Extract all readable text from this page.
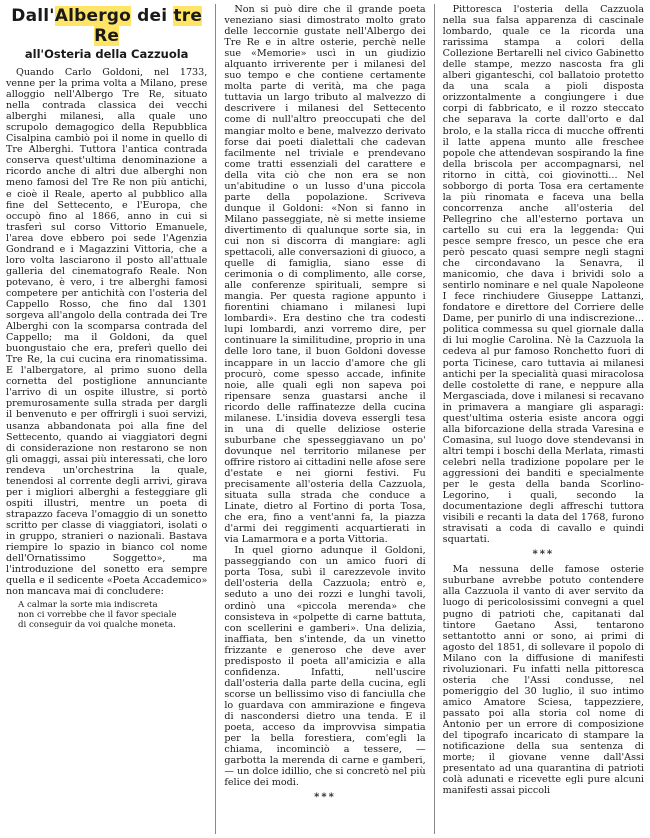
Dall'Albergo dei tre Re
all'Osteria della Cazzuola

Quando Carlo Goldoni, nel 1733, venne per la prima volta a Milano, prese alloggio nell'Albergo Tre Re, situato nella contrada classica dei vecchi alberghi milanesi, alla quale uno scrupolo demagogico della Repubblica Cisalpina cambiò poi il nome in quello di Tre Alberghi. Tuttora l'antica contrada conserva quest'ultima denominazione a ricordo anche di altri due alberghi non meno famosi del Tre Re non più antichi, e cioè il Reale, aperto al pubblico alla fine del Settecento, e l'Europa, che occupò fino al 1866, anno in cui si trasferì sul corso Vittorio Emanuele, l'area dove ebbero poi sede l'Agenzia Gondrand e i Magazzini Vittoria, che a loro volta lasciarono il posto all'attuale galleria del cinematografo Reale. Non potevano, è vero, i tre alberghi famosi competere per antichità con l'osteria del Cappello Rosso, che fino dal 1301 sorgeva all'angolo della contrada dei Tre Alberghi con la scomparsa contrada del Cappello; ma il Goldoni, da quel buongustaio che era, preferì quello dei Tre Re, la cui cucina era rinomatissima. E l'albergatore, al primo suono della cornetta del postiglione annunciante l'arrivo di un ospite illustre, si portò premurosamente sulla strada per dargli il benvenuto e per offrirgli i suoi servizi, usanza abbandonata poi alla fine del Settecento, quando ai viaggiatori degni di considerazione non restarono se non gli omaggi, assai più interessati, che loro rendeva un'orchestrina la quale, tenendosi al corrente degli arrivi, girava per i migliori alberghi a festeggiare gli ospiti illustri, mentre un poeta di strapazzo faceva l'omaggio di un sonetto scritto per classe di viaggiatori, isolati o in gruppo, stranieri o nazionali. Bastava riempire lo spazio in bianco col nome dell'Ornatissimo Soggetto», ma l'introduzione del sonetto era sempre quella e il sedicente «Poeta Accademico» non mancava mai di concludere:

A calmar la sorte mia indiscreta
non ci vorrebbe che il favor speciale
di conseguir da voi qualche moneta.

Non si può dire che il grande poeta veneziano siasi dimostrato molto grato delle leccornie gustate nell'Albergo dei Tre Re e in altre osterie, perchè nelle sue «Memorie» uscì in un giudizio alquanto irriverente per i milanesi del suo tempo e che contiene certamente molta parte di verità, ma che paga tuttavia un largo tributo al malvezzo di descrivere i milanesi del Settecento come di null'altro preoccupati che del mangiar molto e bene, malvezzo derivato forse dai poeti dialettali che cadevan facilmente nel triviale e prendevano come tratti essenziali del carattere e della vita ciò che non era se non un'abitudine o un lusso d'una piccola parte della popolazione. Scriveva dunque il Goldoni: «Non si fanno in Milano passeggiate, nè si mette insieme divertimento di qualunque sorte sia, in cui non si discorra di mangiare: agli spettacoli, alle conversazioni di giuoco, a quelle di famiglia, siano esse di cerimonia o di complimento, alle corse, alle conferenze spirituali, sempre si mangia. Per questa ragione appunto i fiorentini chiamano i milanesi lupi lombardi». Era destino che tra codesti lupi lombardi, anzi vorremo dire, per continuare la similitudine, proprio in una delle loro tane, il buon Goldoni dovesse incappare in un laccio d'amore che gli procurò, come spesso accade, infinite noie, alle quali egli non sapeva poi ripensare senza guastarsi anche il ricordo delle raffinatezze della cucina milanese. L'insidia doveva essergli tesa in una di quelle deliziose osterie suburbane che spesseggiavano un po' dovunque nel territorio milanese per offrire ristoro ai cittadini nelle afose sere d'estate e nei giorni festivi. Fu precisamente all'osteria della Cazzuola, situata sulla strada che conduce a Linate, dietro al Fortino di porta Tosa, che era, fino a vent'anni fa, la piazza d'armi dei reggimenti acquartierati in via Lamarmora e a porta Vittoria.

In quel giorno adunque il Goldoni, passeggiando con un amico fuori di porta Tosa, subì il carezzevole invito dell'osteria della Cazzuola; entrò e, seduto a uno dei rozzi e lunghi tavoli, ordinò una «piccola merenda» che consisteva in «polpette di carne battuta, con scellerini e gamberi». Una delizia, inaffiata, ben s'intende, da un vinetto frizzante e generoso che deve aver predisposto il poeta all'amicizia e alla confidenza. Infatti, nell'uscire dall'osteria dalla parte della cucina, egli scorse un bellissimo viso di fanciulla che lo guardava con ammirazione e fingeva di nascondersi dietro una tenda. E il poeta, acceso da improvvisa simpatia per la bella forestiera, com'egli la chiama, incominciò a tessere, — garbotta la merenda di carne e gamberi, — un dolce idillio, che si concretò nel più felice dei modi.

***

Pittoresca l'osteria della Cazzuola nella sua falsa apparenza di cascinale lombardo, quale ce la ricorda una rarissima stampa a colori della Collezione Bertarelli nel civico Gabinetto delle stampe, mezzo nascosta fra gli alberi giganteschi, col ballatoio protetto da una scala a pioli disposta orizzontalmente a congiungere i due corpi di fabbricato, e il rozzo steccato che separava la corte dall'orto e dal brolo, e la stalla ricca di mucche offrenti il latte appena munto alle freschee popole che attendevan sospirando la fine della briscola per accompagnarsi, nel ritorno in città, coi giovinotti... Nel sobborgo di porta Tosa era certamente la più rinomata e faceva una bella concorrenza anche all'osteria del Pellegrino che all'esterno portava un cartello su cui era la leggenda: Qui pesce sempre fresco, un pesce che era però pescato quasi sempre negli stagni che circondavano la Senavra, il manicomio, che dava i brividi solo a sentirlo nominare e nel quale Napoleone I fece rinchiudere Giuseppe Lattanzi, fondatore e direttore del Corriere delle Dame, per punirlo di una indiscrezione... politica commessa su quel giornale dalla di lui moglie Carolina. Nè la Cazzuola la cedeva al pur famoso Ronchetto fuori di porta Ticinese, caro tuttavia ai milanesi antichi per la specialità quasi miracolosa delle costolette di rane, e neppure alla Mergasciada, dove i milanesi si recavano in primavera a mangiare gli asparagi: quest'ultima osteria esiste ancora oggi alla biforcazione della strada Varesina e Comasina, sul luogo dove stendevansi in altri tempi i boschi della Merlata, rimasti celebri nella tradizione popolare per le aggressioni dei banditi e specialmente per le gesta della banda Scorlino-Legorino, i quali, secondo la documentazione degli affreschi tuttora visibili e recanti la data del 1768, furono stravisati a coda di cavallo e quindi squartati.

***

Ma nessuna delle famose osterie suburbane avrebbe potuto contendere alla Cazzuola il vanto di aver servito da luogo di pericolosissimi convegni a quel pugno di patrioti che, capitanati dal tintore Gaetano Assi, tentarono settantotto anni or sono, ai primi di agosto del 1851, di sollevare il popolo di Milano con la diffusione di manifesti rivoluzionari. Fu infatti nella pittoresca osteria che l'Assi condusse, nel pomeriggio del 30 luglio, il suo intimo amico Amatore Sciesa, tappezziere, passato poi alla storia col nome di Antonio per un errore di composizione del tipografo incaricato di stampare la notificazione della sua sentenza di morte; il giovane venne dall'Assi presentato ad una quarantina di patrioti colà adunati e ricevette egli pure alcuni manifesti assai piccoli
